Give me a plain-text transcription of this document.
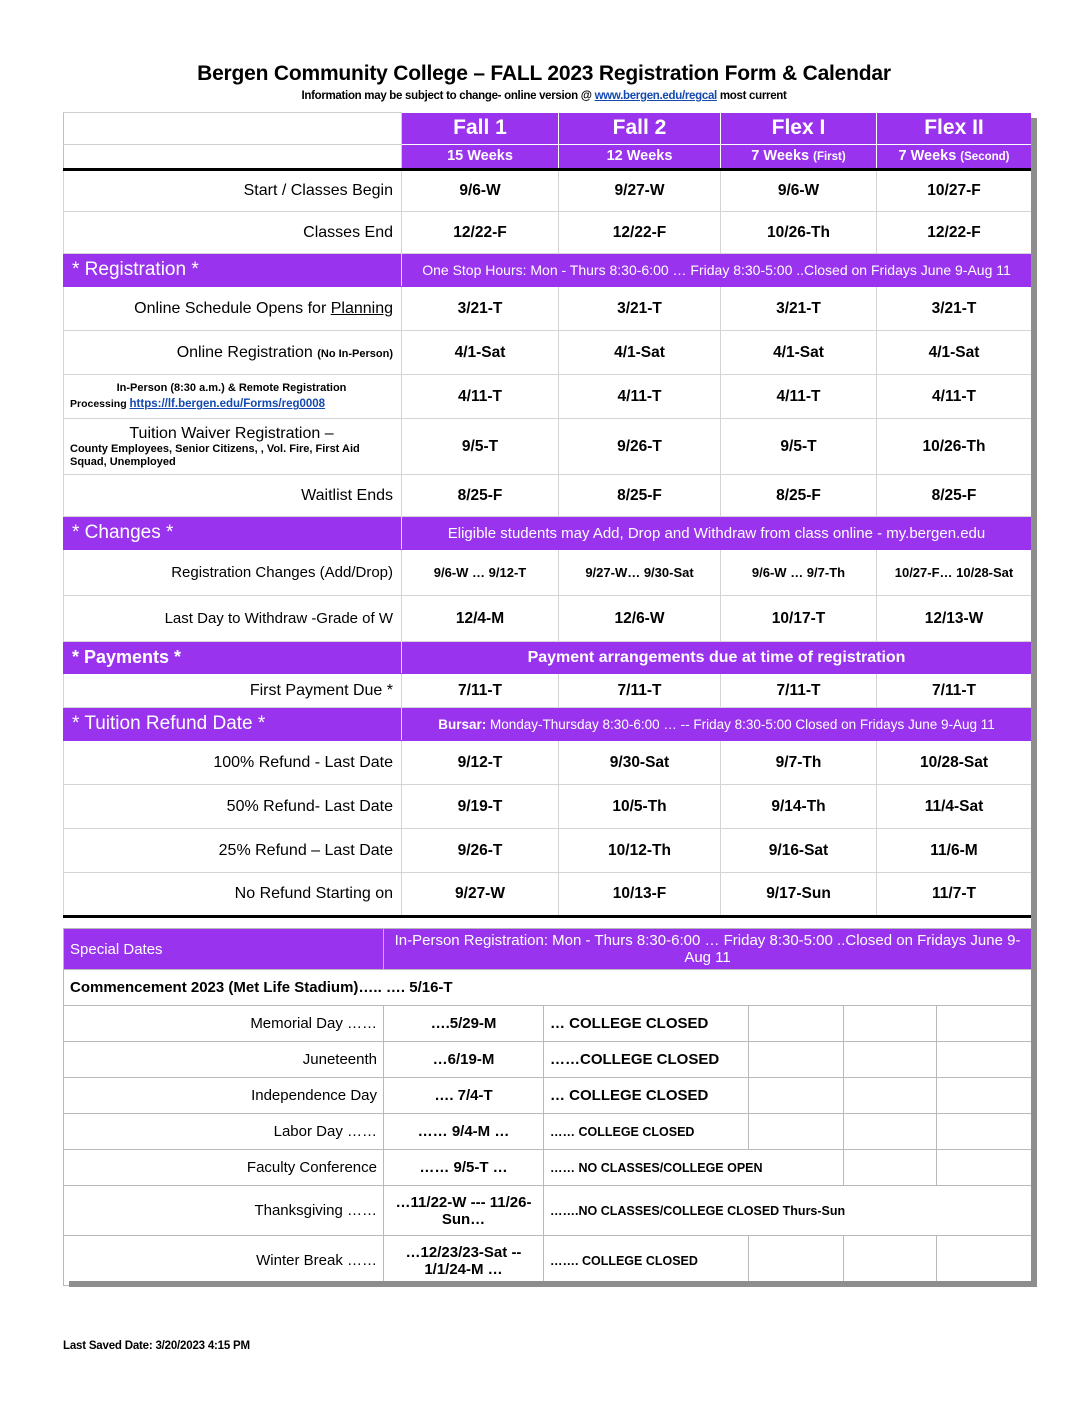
Bergen Community College – FALL 2023 Registration Form & Calendar
Information may be subject to change- online version @ www.bergen.edu/regcal most current
	Fall 1	Fall 2	Flex I	Flex II
	15 Weeks	12 Weeks	7 Weeks (First)	7 Weeks (Second)
Start / Classes Begin	9/6-W	9/27-W	9/6-W	10/27-F
Classes End	12/22-F	12/22-F	10/26-Th	12/22-F
* Registration *	One Stop Hours: Mon - Thurs 8:30-6:00 … Friday 8:30-5:00 ..Closed on Fridays June 9-Aug 11			
Online Schedule Opens for Planning	3/21-T	3/21-T	3/21-T	3/21-T
Online Registration (No In-Person)	4/1-Sat	4/1-Sat	4/1-Sat	4/1-Sat

In-Person (8:30 a.m.) & Remote Registration
Processing https://lf.bergen.edu/Forms/reg0008	4/11-T	4/11-T	4/11-T	4/11-T

Tuition Waiver Registration –
County Employees, Senior Citizens, , Vol. Fire, First Aid
Squad, Unemployed	9/5-T	9/26-T	9/5-T	10/26-Th
Waitlist Ends	8/25-F	8/25-F	8/25-F	8/25-F
* Changes *	Eligible students may Add, Drop and Withdraw from class online - my.bergen.edu			
Registration Changes (Add/Drop)	9/6-W … 9/12-T	9/27-W… 9/30-Sat	9/6-W … 9/7-Th	10/27-F… 10/28-Sat
Last Day to Withdraw -Grade of W	12/4-M	12/6-W	10/17-T	12/13-W
* Payments *	Payment arrangements due at time of registration			
First Payment Due *	7/11-T	7/11-T	7/11-T	7/11-T
* Tuition Refund Date *	Bursar: Monday-Thursday 8:30-6:00 … -- Friday 8:30-5:00 Closed on Fridays June 9-Aug 11			
100% Refund - Last Date	9/12-T	9/30-Sat	9/7-Th	10/28-Sat
50% Refund- Last Date	9/19-T	10/5-Th	9/14-Th	11/4-Sat
25% Refund – Last Date	9/26-T	10/12-Th	9/16-Sat	11/6-M
No Refund Starting on	9/27-W	10/13-F	9/17-Sun	11/7-T
Special Dates	In-Person Registration: Mon - Thurs 8:30-6:00 … Friday 8:30-5:00 ..Closed on Fridays June 9-Aug 11				
Commencement 2023 (Met Life Stadium)….. …. 5/16-T					
Memorial Day ……	….5/29-M	… COLLEGE CLOSED			
Juneteenth	…6/19-M	……COLLEGE CLOSED			
Independence Day	…. 7/4-T	… COLLEGE CLOSED			
Labor Day ……	…… 9/4-M …	…… COLLEGE CLOSED			
Faculty Conference	…… 9/5-T …	…… NO CLASSES/COLLEGE OPEN			
Thanksgiving ……	…11/22-W --- 11/26-Sun…	…….NO CLASSES/COLLEGE CLOSED Thurs-Sun			
Winter Break ……	…12/23/23-Sat -- 1/1/24-M …	……. COLLEGE CLOSED			
Last Saved Date: 3/20/2023 4:15 PM
